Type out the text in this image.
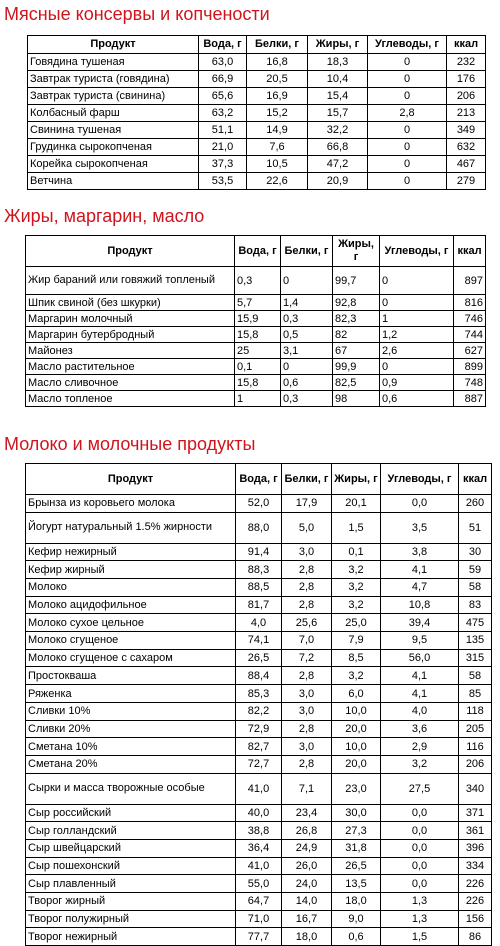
Мясные консервы и копчености
Продукт	Вода, г	Белки, г	Жиры, г	Углеводы, г	ккал
Говядина тушеная	63,0	16,8	18,3	0	232
Завтрак туриста (говядина)	66,9	20,5	10,4	0	176
Завтрак туриста (свинина)	65,6	16,9	15,4	0	206
Колбасный фарш	63,2	15,2	15,7	2,8	213
Свинина тушеная	51,1	14,9	32,2	0	349
Грудинка сырокопченая	21,0	7,6	66,8	0	632
Корейка сырокопченая	37,3	10,5	47,2	0	467
Ветчина	53,5	22,6	20,9	0	279
Жиры, маргарин, масло
Продукт	Вода, г	Белки, г	Жиры, г	Углеводы, г	ккал
Жир бараний или говяжий топленый	0,3	0	99,7	0	897
Шпик свиной (без шкурки)	5,7	1,4	92,8	0	816
Маргарин молочный	15,9	0,3	82,3	1	746
Маргарин бутербродный	15,8	0,5	82	1,2	744
Майонез	25	3,1	67	2,6	627
Масло растительное	0,1	0	99,9	0	899
Масло сливочное	15,8	0,6	82,5	0,9	748
Масло топленое	1	0,3	98	0,6	887
Молоко и молочные продукты
Продукт	Вода, г	Белки, г	Жиры, г	Углеводы, г	ккал
Брынза из коровьего молока	52,0	17,9	20,1	0,0	260
Йогурт натуральный 1.5% жирности	88,0	5,0	1,5	3,5	51
Кефир нежирный	91,4	3,0	0,1	3,8	30
Кефир жирный	88,3	2,8	3,2	4,1	59
Молоко	88,5	2,8	3,2	4,7	58
Молоко ацидофильное	81,7	2,8	3,2	10,8	83
Молоко сухое цельное	4,0	25,6	25,0	39,4	475
Молоко сгущеное	74,1	7,0	7,9	9,5	135
Молоко сгущеное с сахаром	26,5	7,2	8,5	56,0	315
Простокваша	88,4	2,8	3,2	4,1	58
Ряженка	85,3	3,0	6,0	4,1	85
Сливки 10%	82,2	3,0	10,0	4,0	118
Сливки 20%	72,9	2,8	20,0	3,6	205
Сметана 10%	82,7	3,0	10,0	2,9	116
Сметана 20%	72,7	2,8	20,0	3,2	206
Сырки и масса творожные особые	41,0	7,1	23,0	27,5	340
Сыр российский	40,0	23,4	30,0	0,0	371
Сыр голландский	38,8	26,8	27,3	0,0	361
Сыр швейцарский	36,4	24,9	31,8	0,0	396
Сыр пошехонский	41,0	26,0	26,5	0,0	334
Сыр плавленный	55,0	24,0	13,5	0,0	226
Творог жирный	64,7	14,0	18,0	1,3	226
Творог полужирный	71,0	16,7	9,0	1,3	156
Творог нежирный	77,7	18,0	0,6	1,5	86
